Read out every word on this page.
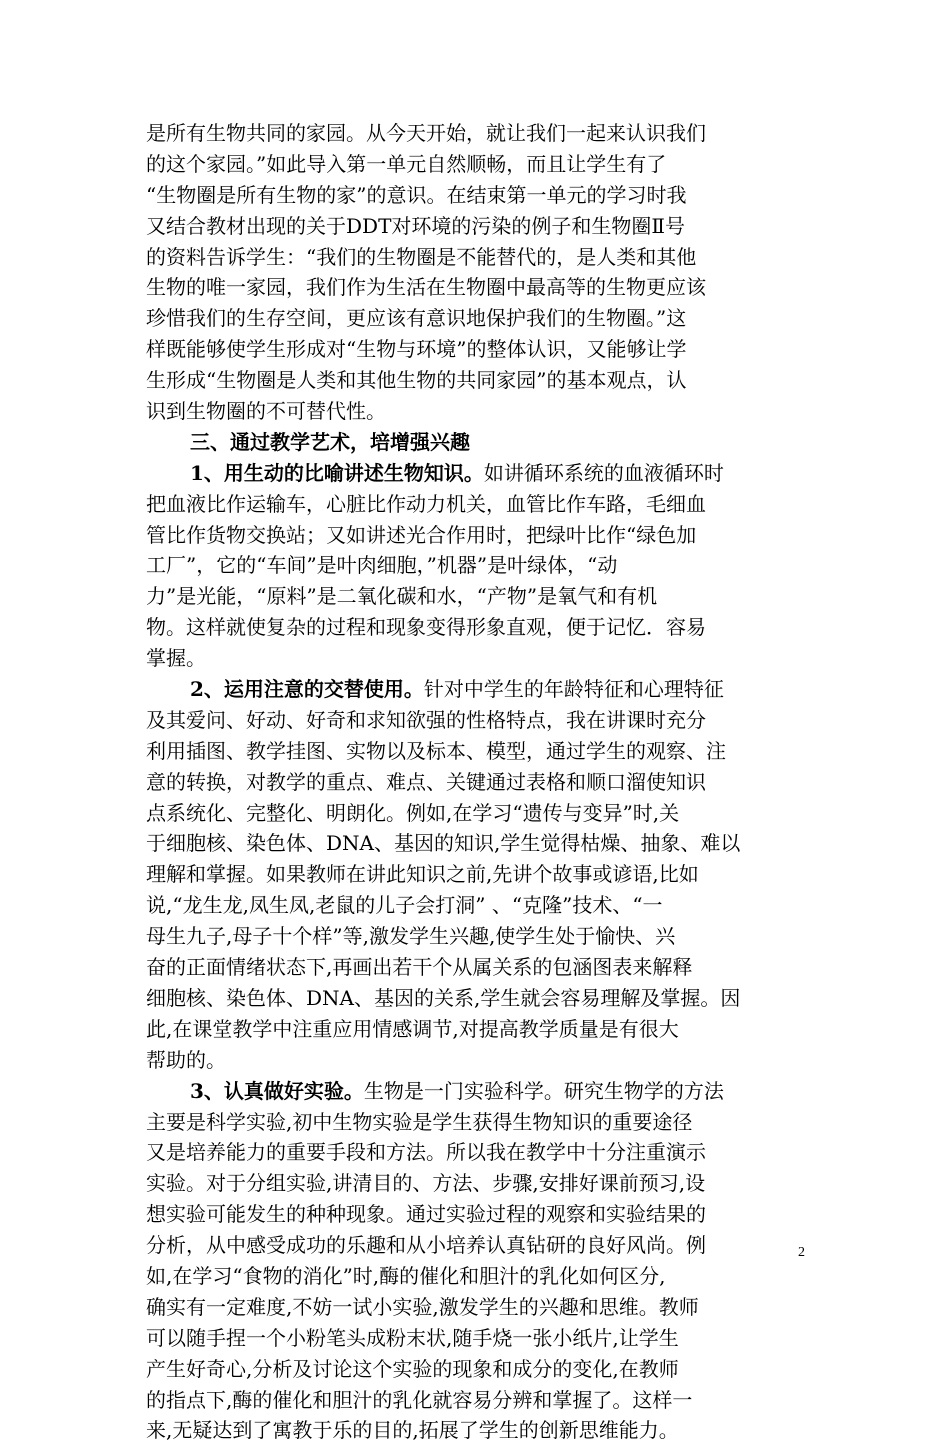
是所有生物共同的家园。从今天开始，就让我们一起来认识我们
的这个家园。”如此导入第一单元自然顺畅，而且让学生有了
“生物圈是所有生物的家”的意识。在结束第一单元的学习时我
又结合教材出现的关于DDT对环境的污染的例子和生物圈Ⅱ号
的资料告诉学生：“我们的生物圈是不能替代的，是人类和其他
生物的唯一家园，我们作为生活在生物圈中最高等的生物更应该
珍惜我们的生存空间，更应该有意识地保护我们的生物圈。”这
样既能够使学生形成对“生物与环境”的整体认识，又能够让学
生形成“生物圈是人类和其他生物的共同家园”的基本观点，认
识到生物圈的不可替代性。
三、通过教学艺术，培增强兴趣
1、用生动的比喻讲述生物知识。如讲循环系统的血液循环时
把血液比作运输车，心脏比作动力机关，血管比作车路，毛细血
管比作货物交换站；又如讲述光合作用时，把绿叶比作“绿色加
工厂”，它的“车间”是叶肉细胞，”机器”是叶绿体，“动
力”是光能，“原料”是二氧化碳和水，“产物”是氧气和有机
物。这样就使复杂的过程和现象变得形象直观，便于记忆．容易
掌握。
2、运用注意的交替使用。针对中学生的年龄特征和心理特征
及其爱问、好动、好奇和求知欲强的性格特点，我在讲课时充分
利用插图、教学挂图、实物以及标本、模型，通过学生的观察、注
意的转换，对教学的重点、难点、关键通过表格和顺口溜使知识
点系统化、完整化、明朗化。例如,在学习“遗传与变异”时,关
于细胞核、染色体、DNA、基因的知识,学生觉得枯燥、抽象、难以
理解和掌握。如果教师在讲此知识之前,先讲个故事或谚语,比如
说,“龙生龙,凤生凤,老鼠的儿子会打洞” 、“克隆”技术、“一
母生九子,母子十个样”等,激发学生兴趣,使学生处于愉快、兴
奋的正面情绪状态下,再画出若干个从属关系的包涵图表来解释
细胞核、染色体、DNA、基因的关系,学生就会容易理解及掌握。因
此,在课堂教学中注重应用情感调节,对提高教学质量是有很大
帮助的。
3、认真做好实验。生物是一门实验科学。研究生物学的方法
主要是科学实验,初中生物实验是学生获得生物知识的重要途径
又是培养能力的重要手段和方法。所以我在教学中十分注重演示
实验。对于分组实验,讲清目的、方法、步骤,安排好课前预习,设
想实验可能发生的种种现象。通过实验过程的观察和实验结果的
分析，从中感受成功的乐趣和从小培养认真钻研的良好风尚。例
如,在学习“食物的消化”时,酶的催化和胆汁的乳化如何区分,
确实有一定难度,不妨一试小实验,激发学生的兴趣和思维。教师
可以随手捏一个小粉笔头成粉末状,随手烧一张小纸片,让学生
产生好奇心,分析及讨论这个实验的现象和成分的变化,在教师
的指点下,酶的催化和胆汁的乳化就容易分辨和掌握了。这样一
来,无疑达到了寓教于乐的目的,拓展了学生的创新思维能力。
2
